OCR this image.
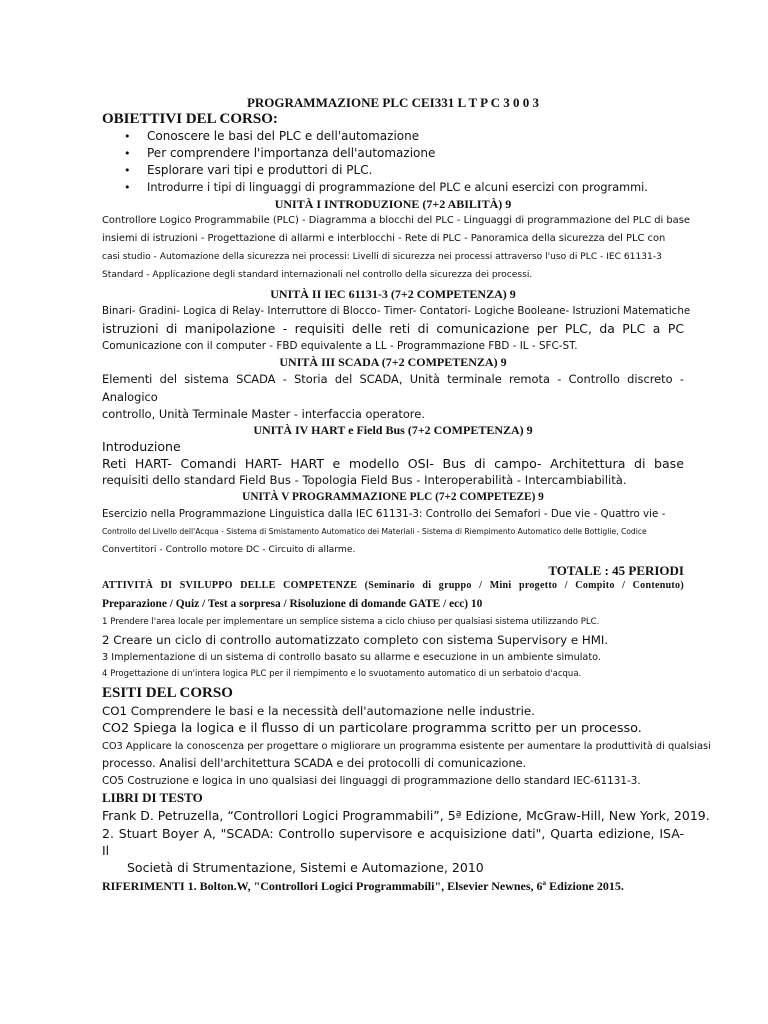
PROGRAMMAZIONE PLC CEI331 L T P C 3 0 0 3

OBIETTIVI DEL CORSO:

• Conoscere le basi del PLC e dell'automazione
• Per comprendere l'importanza dell'automazione
• Esplorare vari tipi e produttori di PLC.
• Introdurre i tipi di linguaggi di programmazione del PLC e alcuni esercizi con programmi.

UNITÀ I INTRODUZIONE (7+2 ABILITÀ) 9

Controllore Logico Programmabile (PLC) - Diagramma a blocchi del PLC - Linguaggi di programmazione del PLC di base

insiemi di istruzioni - Progettazione di allarmi e interblocchi - Rete di PLC - Panoramica della sicurezza del PLC con

casi studio - Automazione della sicurezza nei processi: Livelli di sicurezza nei processi attraverso l'uso di PLC - IEC 61131-3

Standard - Applicazione degli standard internazionali nel controllo della sicurezza dei processi.

UNITÀ II IEC 61131-3 (7+2 COMPETENZA) 9

Binari- Gradini- Logica di Relay- Interruttore di Blocco- Timer- Contatori- Logiche Booleane- Istruzioni Matematiche

istruzioni di manipolazione - requisiti delle reti di comunicazione per PLC, da PLC a PC

Comunicazione con il computer - FBD equivalente a LL - Programmazione FBD - IL - SFC-ST.

UNITÀ III SCADA (7+2 COMPETENZA) 9

Elementi del sistema SCADA - Storia del SCADA, Unità terminale remota - Controllo discreto - Analogico

controllo, Unità Terminale Master - interfaccia operatore.

UNITÀ IV HART e Field Bus (7+2 COMPETENZA) 9

Introduzione

Reti HART- Comandi HART- HART e modello OSI- Bus di campo- Architettura di base

requisiti dello standard Field Bus - Topologia Field Bus - Interoperabilità - Intercambiabilità.

UNITÀ V PROGRAMMAZIONE PLC (7+2 COMPETEZE) 9

Esercizio nella Programmazione Linguistica dalla IEC 61131-3: Controllo dei Semafori - Due vie - Quattro vie -

Controllo del Livello dell'Acqua - Sistema di Smistamento Automatico dei Materiali - Sistema di Riempimento Automatico delle Bottiglie, Codice

Convertitori - Controllo motore DC - Circuito di allarme.

TOTALE : 45 PERIODI

ATTIVITÀ DI SVILUPPO DELLE COMPETENZE (Seminario di gruppo / Mini progetto / Compito / Contenuto)

Preparazione / Quiz / Test a sorpresa / Risoluzione di domande GATE / ecc) 10

1 Prendere l'area locale per implementare un semplice sistema a ciclo chiuso per qualsiasi sistema utilizzando PLC.

2 Creare un ciclo di controllo automatizzato completo con sistema Supervisory e HMI.

3 Implementazione di un sistema di controllo basato su allarme e esecuzione in un ambiente simulato.

4 Progettazione di un'intera logica PLC per il riempimento e lo svuotamento automatico di un serbatoio d'acqua.

ESITI DEL CORSO

CO1 Comprendere le basi e la necessità dell'automazione nelle industrie.

CO2 Spiega la logica e il flusso di un particolare programma scritto per un processo.

CO3 Applicare la conoscenza per progettare o migliorare un programma esistente per aumentare la produttività di qualsiasi

processo. Analisi dell'architettura SCADA e dei protocolli di comunicazione.

CO5 Costruzione e logica in uno qualsiasi dei linguaggi di programmazione dello standard IEC-61131-3.

LIBRI DI TESTO

Frank D. Petruzella, “Controllori Logici Programmabili”, 5ª Edizione, McGraw-Hill, New York, 2019.

2. Stuart Boyer A, "SCADA: Controllo supervisore e acquisizione dati", Quarta edizione, ISA- Il

Società di Strumentazione, Sistemi e Automazione, 2010

RIFERIMENTI 1. Bolton.W, "Controllori Logici Programmabili", Elsevier Newnes, 6ª Edizione 2015.
